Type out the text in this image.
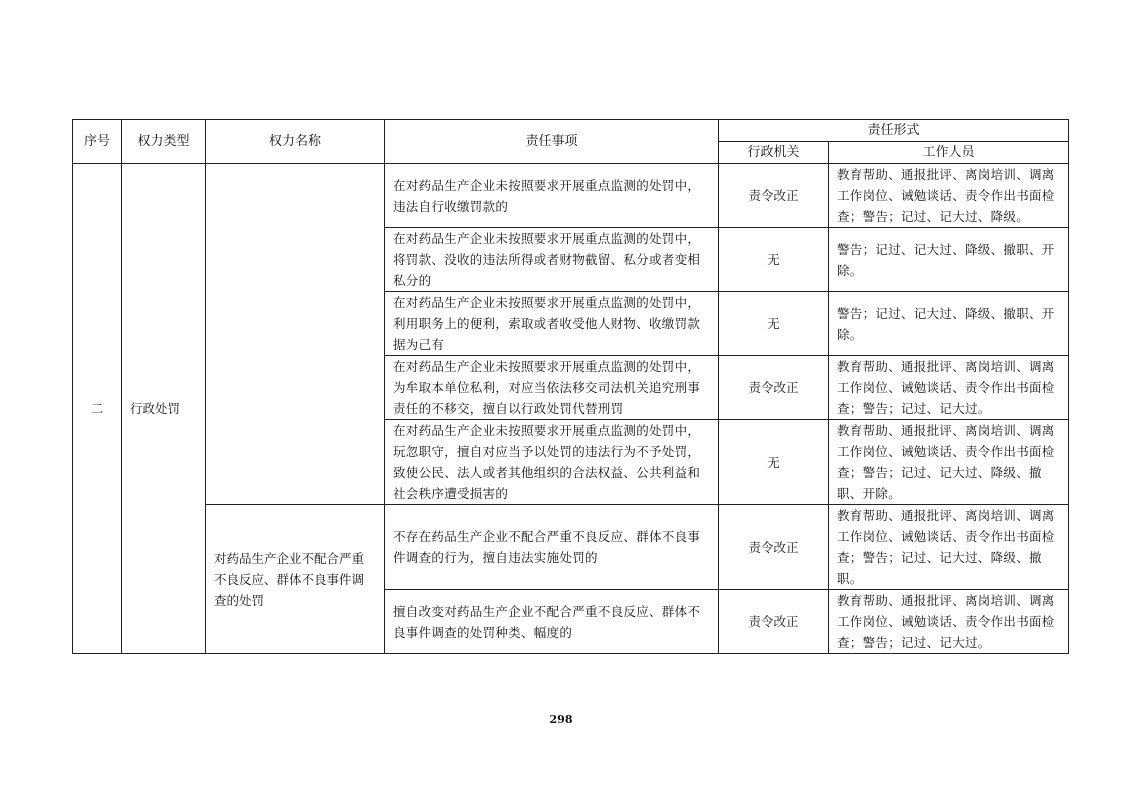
序号	权力类型	权力名称	责任事项	责任形式	
				行政机关	工作人员
二	行政处罚		在对药品生产企业未按照要求开展重点监测的处罚中，违法自行收缴罚款的	责令改正	教育帮助、通报批评、离岗培训、调离工作岗位、诫勉谈话、责令作出书面检查；警告；记过、记大过、降级。
			在对药品生产企业未按照要求开展重点监测的处罚中，将罚款、没收的违法所得或者财物截留、私分或者变相私分的	无	警告；记过、记大过、降级、撤职、开除。
			在对药品生产企业未按照要求开展重点监测的处罚中，利用职务上的便利，索取或者收受他人财物、收缴罚款据为己有	无	警告；记过、记大过、降级、撤职、开除。
			在对药品生产企业未按照要求开展重点监测的处罚中，为牟取本单位私利，对应当依法移交司法机关追究刑事责任的不移交，擅自以行政处罚代替刑罚	责令改正	教育帮助、通报批评、离岗培训、调离工作岗位、诫勉谈话、责令作出书面检查；警告；记过、记大过。
			在对药品生产企业未按照要求开展重点监测的处罚中，玩忽职守，擅自对应当予以处罚的违法行为不予处罚，致使公民、法人或者其他组织的合法权益、公共利益和社会秩序遭受损害的	无	教育帮助、通报批评、离岗培训、调离工作岗位、诫勉谈话、责令作出书面检查；警告；记过、记大过、降级、撤职、开除。
		对药品生产企业不配合严重不良反应、群体不良事件调查的处罚	不存在药品生产企业不配合严重不良反应、群体不良事件调查的行为，擅自违法实施处罚的	责令改正	教育帮助、通报批评、离岗培训、调离工作岗位、诫勉谈话、责令作出书面检查；警告；记过、记大过、降级、撤职。
			擅自改变对药品生产企业不配合严重不良反应、群体不良事件调查的处罚种类、幅度的	责令改正	教育帮助、通报批评、离岗培训、调离工作岗位、诫勉谈话、责令作出书面检查；警告；记过、记大过。
298
